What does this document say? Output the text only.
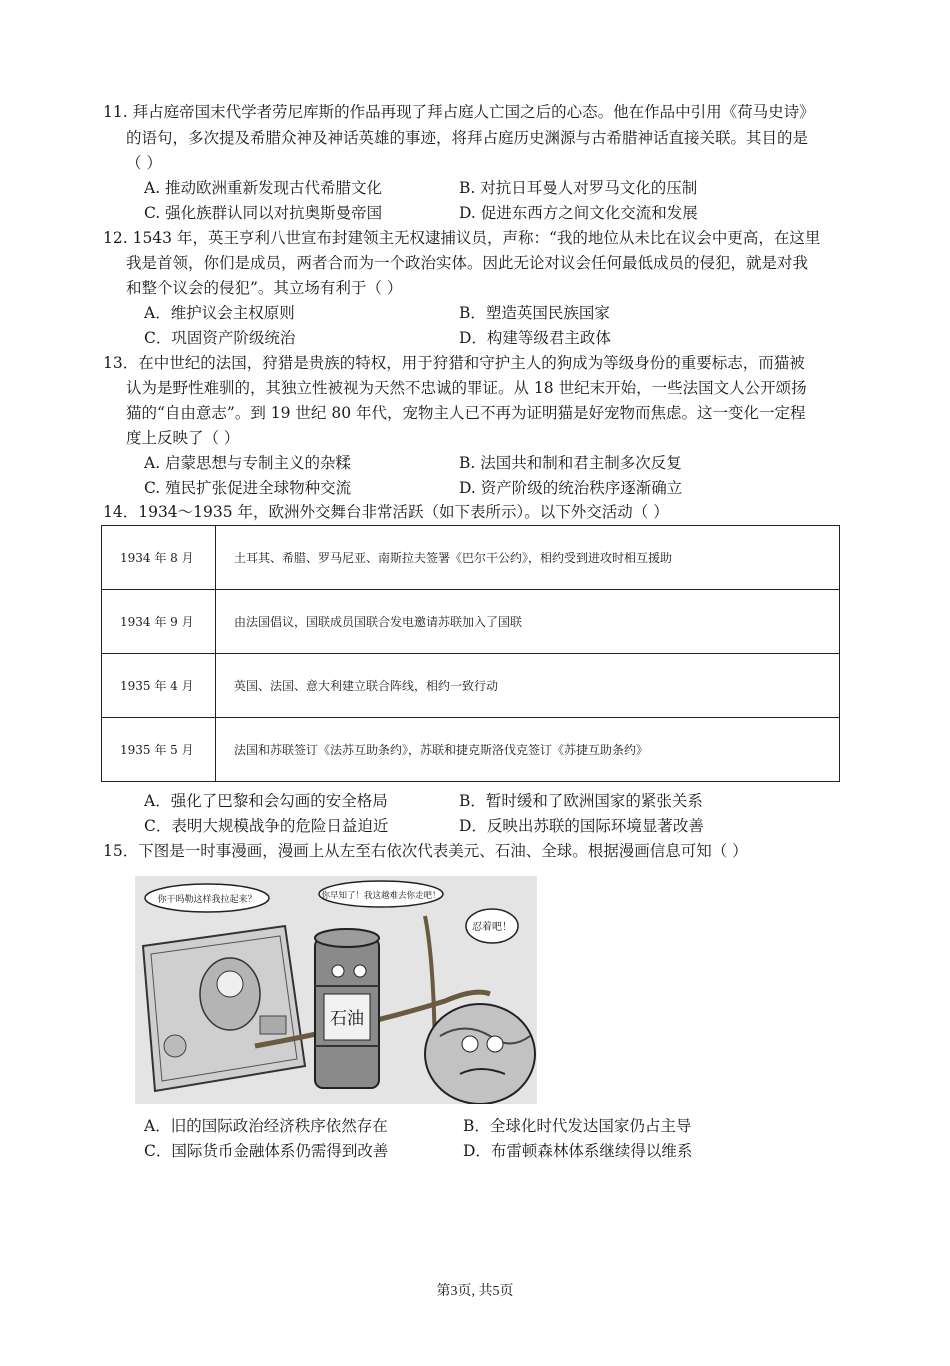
11. 拜占庭帝国末代学者劳尼库斯的作品再现了拜占庭人亡国之后的心态。他在作品中引用《荷马史诗》
的语句，多次提及希腊众神及神话英雄的事迹，将拜占庭历史渊源与古希腊神话直接关联。其目的是
（ ）
A. 推动欧洲重新发现古代希腊文化	B. 对抗日耳曼人对罗马文化的压制
C. 强化族群认同以对抗奥斯曼帝国	D. 促进东西方之间文化交流和发展
12. 1543 年，英王亨利八世宣布封建领主无权逮捕议员，声称：“我的地位从未比在议会中更高，在这里
我是首领，你们是成员，两者合而为一个政治实体。因此无论对议会任何最低成员的侵犯，就是对我
和整个议会的侵犯”。其立场有利于（ ）
A．维护议会主权原则	B．塑造英国民族国家
C．巩固资产阶级统治	D．构建等级君主政体
13．在中世纪的法国，狩猎是贵族的特权，用于狩猎和守护主人的狗成为等级身份的重要标志，而猫被
认为是野性难驯的，其独立性被视为天然不忠诚的罪证。从 18 世纪末开始，一些法国文人公开颂扬
猫的“自由意志”。到 19 世纪 80 年代，宠物主人已不再为证明猫是好宠物而焦虑。这一变化一定程
度上反映了（ ）
A. 启蒙思想与专制主义的杂糅	B. 法国共和制和君主制多次反复
C. 殖民扩张促进全球物种交流	D. 资产阶级的统治秩序逐渐确立
14．1934～1935 年，欧洲外交舞台非常活跃（如下表所示）。以下外交活动（ ）
1934 年 8 月	土耳其、希腊、罗马尼亚、南斯拉夫签署《巴尔干公约》，相约受到进攻时相互援助
1934 年 9 月	由法国倡议，国联成员国联合发电邀请苏联加入了国联
1935 年 4 月	英国、法国、意大利建立联合阵线，相约一致行动
1935 年 5 月	法国和苏联签订《法苏互助条约》，苏联和捷克斯洛伐克签订《苏捷互助条约》
A．强化了巴黎和会勾画的安全格局	B．暂时缓和了欧洲国家的紧张关系
C．表明大规模战争的危险日益迫近	D．反映出苏联的国际环境显著改善
15．下图是一时事漫画，漫画上从左至右依次代表美元、石油、全球。根据漫画信息可知（ ）
石油
你干吗勒这样我拉起来？	你早知了！我这越难去你走吧！
忍着吧！
A．旧的国际政治经济秩序依然存在	B．全球化时代发达国家仍占主导
C．国际货币金融体系仍需得到改善	D．布雷顿森林体系继续得以维系
第3页, 共5页
